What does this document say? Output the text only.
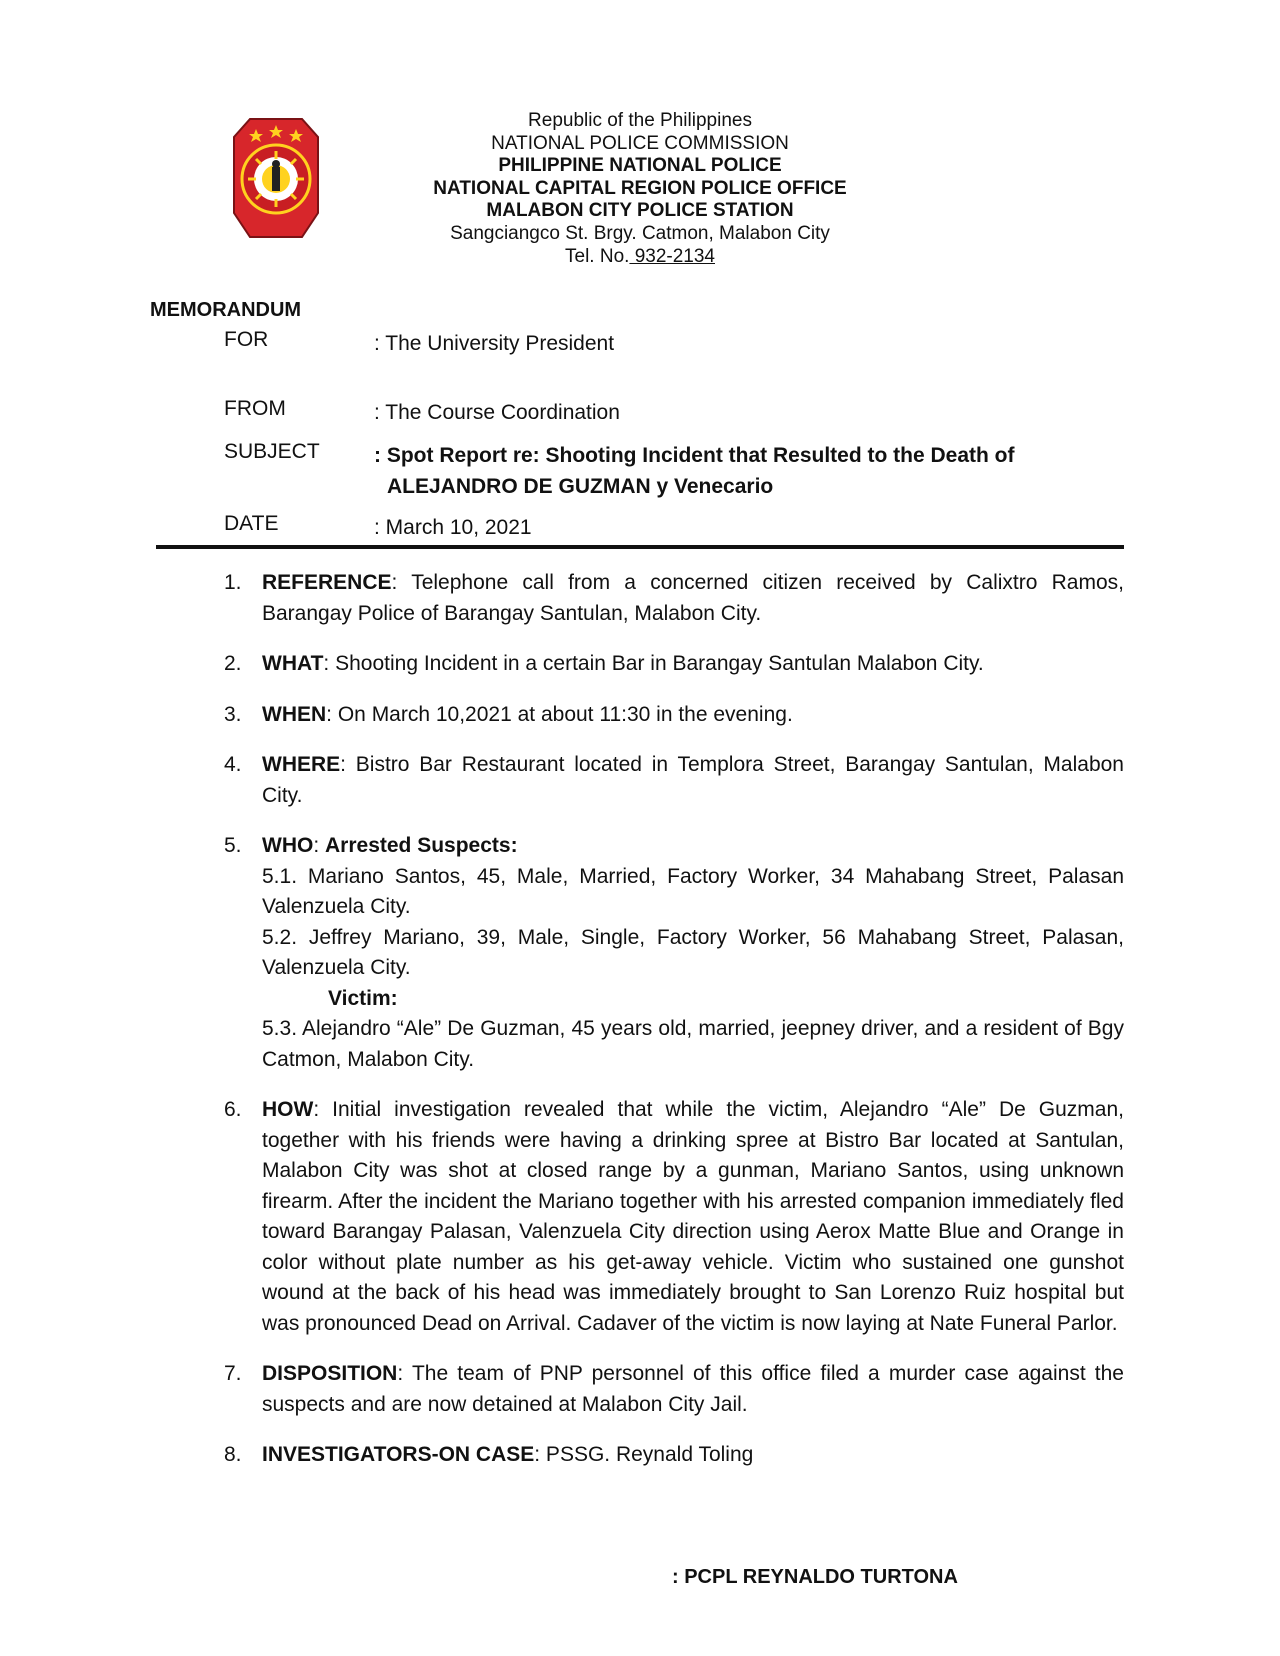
Republic of the Philippines
NATIONAL POLICE COMMISSION
PHILIPPINE NATIONAL POLICE
NATIONAL CAPITAL REGION POLICE OFFICE
MALABON CITY POLICE STATION
Sangciangco St. Brgy. Catmon, Malabon City
Tel. No. 932-2134
MEMORANDUM
FOR	: The University President
FROM	: The Course Coordination
SUBJECT	: Spot Report re: Shooting Incident that Resulted to the Death of
ALEJANDRO DE GUZMAN y Venecario
DATE	: March 10, 2021
1. REFERENCE: Telephone call from a concerned citizen received by Calixtro Ramos, Barangay Police of Barangay Santulan, Malabon City.
2. WHAT: Shooting Incident in a certain Bar in Barangay Santulan Malabon City.
3. WHEN: On March 10,2021 at about 11:30 in the evening.
4. WHERE: Bistro Bar Restaurant located in Templora Street, Barangay Santulan, Malabon City.
5. WHO: Arrested Suspects:
5.1. Mariano Santos, 45, Male, Married, Factory Worker, 34 Mahabang Street, Palasan Valenzuela City.
5.2. Jeffrey Mariano, 39, Male, Single, Factory Worker, 56 Mahabang Street, Palasan, Valenzuela City.
Victim:
5.3. Alejandro “Ale” De Guzman, 45 years old, married, jeepney driver, and a resident of Bgy Catmon, Malabon City.
6. HOW: Initial investigation revealed that while the victim, Alejandro “Ale” De Guzman, together with his friends were having a drinking spree at Bistro Bar located at Santulan, Malabon City was shot at closed range by a gunman, Mariano Santos, using unknown firearm. After the incident the Mariano together with his arrested companion immediately fled toward Barangay Palasan, Valenzuela City direction using Aerox Matte Blue and Orange in color without plate number as his get-away vehicle. Victim who sustained one gunshot wound at the back of his head was immediately brought to San Lorenzo Ruiz hospital but was pronounced Dead on Arrival. Cadaver of the victim is now laying at Nate Funeral Parlor.
7. DISPOSITION: The team of PNP personnel of this office filed a murder case against the suspects and are now detained at Malabon City Jail.
8. INVESTIGATORS-ON CASE: PSSG. Reynald Toling
: PCPL REYNALDO TURTONA
